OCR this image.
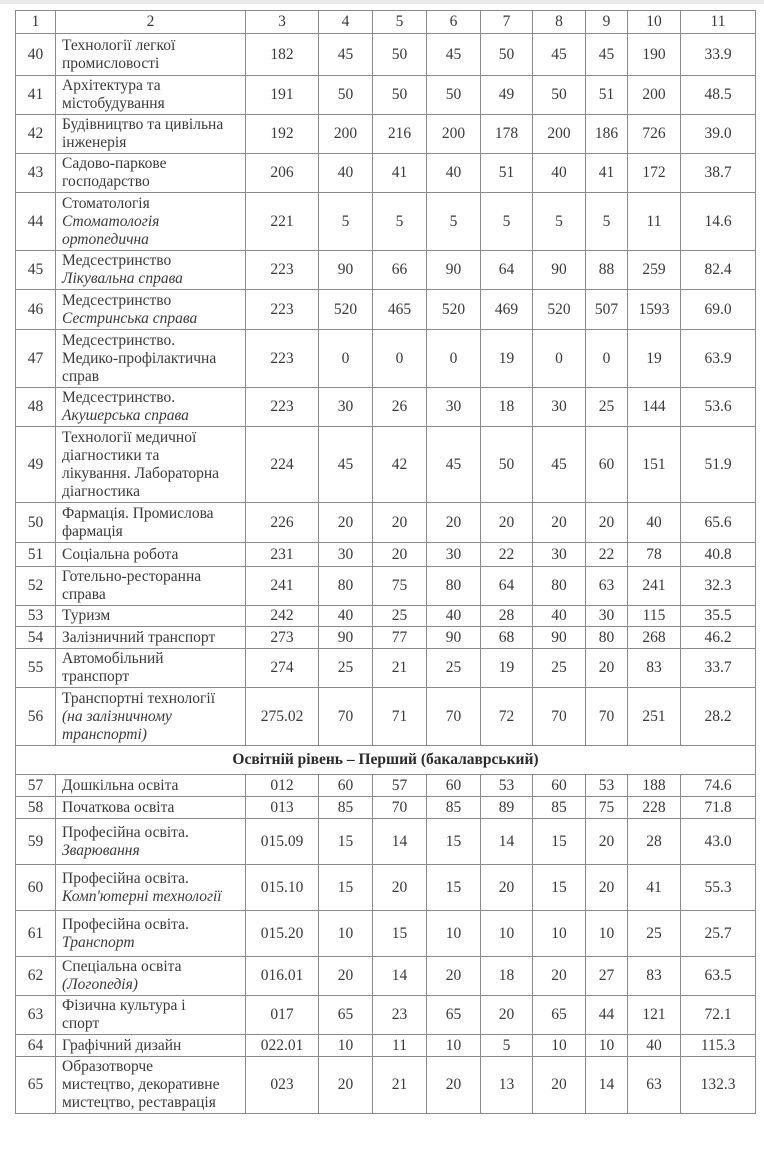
1	2	3	4	5	6	7	8	9	10	11
40	Технології легкої
промисловості	182	45	50	45	50	45	45	190	33.9
41	Архітектура та
містобудування	191	50	50	50	49	50	51	200	48.5
42	Будівництво та цивільна
інженерія	192	200	216	200	178	200	186	726	39.0
43	Садово-паркове
господарство	206	40	41	40	51	40	41	172	38.7
44	Стоматологія
Стоматологія
ортопедична	221	5	5	5	5	5	5	11	14.6
45	Медсестринство
Лікувальна справа	223	90	66	90	64	90	88	259	82.4
46	Медсестринство
Сестринська справа	223	520	465	520	469	520	507	1593	69.0
47	Медсестринство.
Медико-профілактична
справ	223	0	0	0	19	0	0	19	63.9
48	Медсестринство.
Акушерська справа	223	30	26	30	18	30	25	144	53.6
49	Технології медичної
діагностики та
лікування. Лабораторна
діагностика	224	45	42	45	50	45	60	151	51.9
50	Фармація. Промислова
фармація	226	20	20	20	20	20	20	40	65.6
51	Соціальна робота	231	30	20	30	22	30	22	78	40.8
52	Готельно-ресторанна
справа	241	80	75	80	64	80	63	241	32.3
53	Туризм	242	40	25	40	28	40	30	115	35.5
54	Залізничний транспорт	273	90	77	90	68	90	80	268	46.2
55	Автомобільний
транспорт	274	25	21	25	19	25	20	83	33.7
56	Транспортні технології
(на залізничному
транспорті)	275.02	70	71	70	72	70	70	251	28.2
Освітній рівень – Перший (бакалаврський)										
57	Дошкільна освіта	012	60	57	60	53	60	53	188	74.6
58	Початкова освіта	013	85	70	85	89	85	75	228	71.8
59	Професійна освіта.
Зварювання	015.09	15	14	15	14	15	20	28	43.0
60	Професійна освіта.
Комп'ютерні технології	015.10	15	20	15	20	15	20	41	55.3
61	Професійна освіта.
Транспорт	015.20	10	15	10	10	10	10	25	25.7
62	Спеціальна освіта
(Логопедія)	016.01	20	14	20	18	20	27	83	63.5
63	Фізична культура і
спорт	017	65	23	65	20	65	44	121	72.1
64	Графічний дизайн	022.01	10	11	10	5	10	10	40	115.3
65	Образотворче
мистецтво, декоративне
мистецтво, реставрація	023	20	21	20	13	20	14	63	132.3
